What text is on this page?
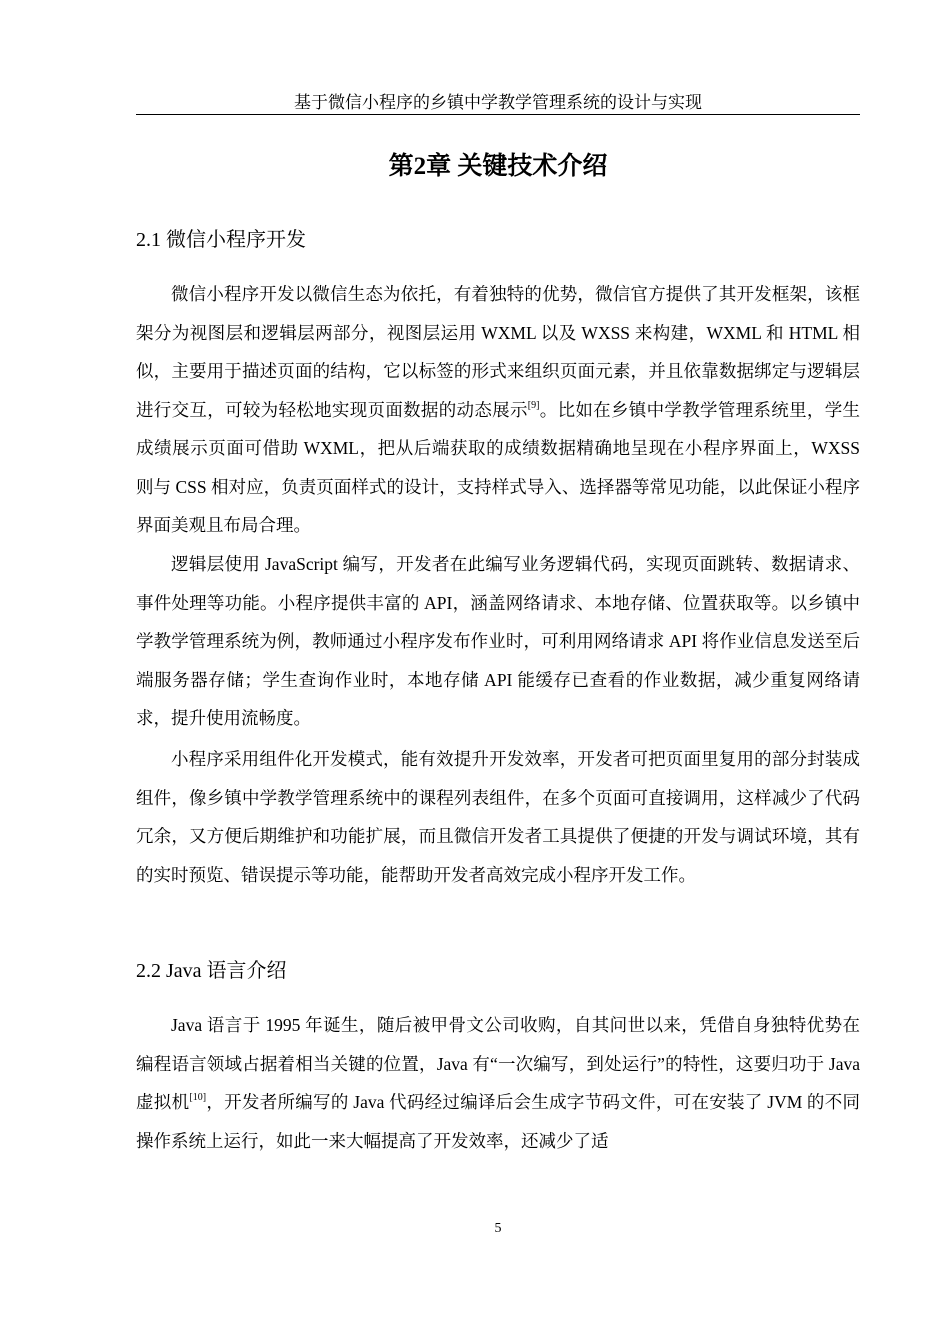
基于微信小程序的乡镇中学教学管理系统的设计与实现
第2章 关键技术介绍
2.1 微信小程序开发

微信小程序开发以微信生态为依托，有着独特的优势，微信官方提供了其开发框架，该框架分为视图层和逻辑层两部分，视图层运用 WXML 以及 WXSS 来构建，WXML 和 HTML 相似，主要用于描述页面的结构，它以标签的形式来组织页面元素，并且依靠数据绑定与逻辑层进行交互，可较为轻松地实现页面数据的动态展示[9]。比如在乡镇中学教学管理系统里，学生成绩展示页面可借助 WXML，把从后端获取的成绩数据精确地呈现在小程序界面上，WXSS 则与 CSS 相对应，负责页面样式的设计，支持样式导入、选择器等常见功能，以此保证小程序界面美观且布局合理。

逻辑层使用 JavaScript 编写，开发者在此编写业务逻辑代码，实现页面跳转、数据请求、事件处理等功能。小程序提供丰富的 API，涵盖网络请求、本地存储、位置获取等。以乡镇中学教学管理系统为例，教师通过小程序发布作业时，可利用网络请求 API 将作业信息发送至后端服务器存储；学生查询作业时，本地存储 API 能缓存已查看的作业数据，减少重复网络请求，提升使用流畅度。

小程序采用组件化开发模式，能有效提升开发效率，开发者可把页面里复用的部分封装成组件，像乡镇中学教学管理系统中的课程列表组件，在多个页面可直接调用，这样减少了代码冗余，又方便后期维护和功能扩展，而且微信开发者工具提供了便捷的开发与调试环境，其有的实时预览、错误提示等功能，能帮助开发者高效完成小程序开发工作。

2.2 Java 语言介绍

Java 语言于 1995 年诞生，随后被甲骨文公司收购，自其问世以来，凭借自身独特优势在编程语言领域占据着相当关键的位置，Java 有“一次编写，到处运行”的特性，这要归功于 Java 虚拟机[10]，开发者所编写的 Java 代码经过编译后会生成字节码文件，可在安装了 JVM 的不同操作系统上运行，如此一来大幅提高了开发效率，还减少了适

5
